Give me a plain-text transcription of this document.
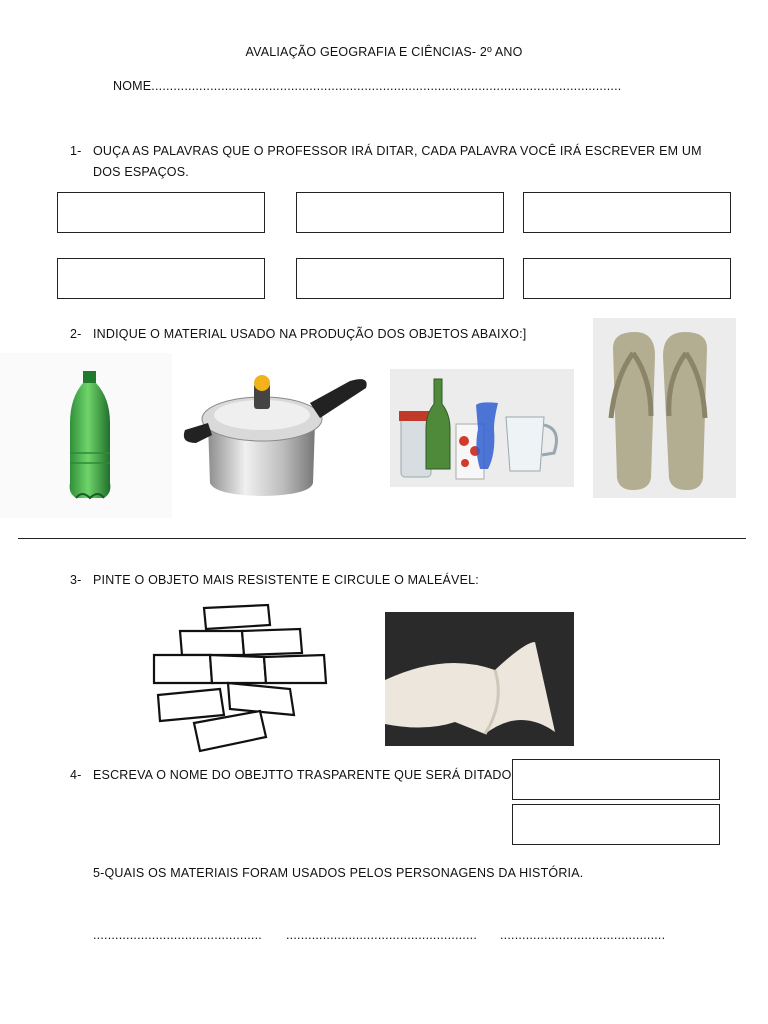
AVALIAÇÃO GEOGRAFIA E CIÊNCIAS- 2º ANO
NOME................................................................................................................................
1- OUÇA AS PALAVRAS QUE O PROFESSOR IRÁ DITAR, CADA PALAVRA VOCÊ IRÁ ESCREVER EM UM
DOS ESPAÇOS.
2- INDIQUE O MATERIAL USADO NA PRODUÇÃO DOS OBJETOS ABAIXO:]
3- PINTE O OBJETO MAIS RESISTENTE E CIRCULE O MALEÁVEL:
4- ESCREVA O NOME DO OBEJTTO TRASPARENTE QUE SERÁ DITADO
5-QUAIS OS MATERIAIS FORAM USADOS PELOS PERSONAGENS DA HISTÓRIA.
.............................................. .................................................... .............................................
